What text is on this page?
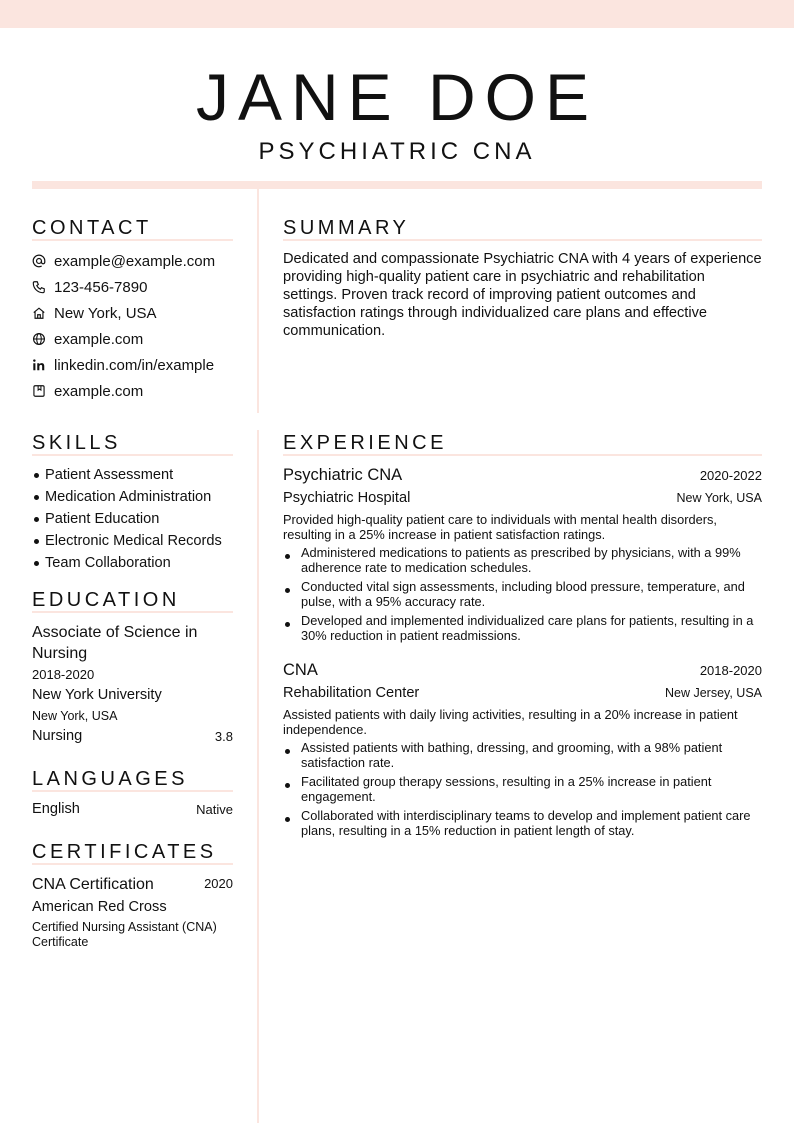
JANE DOE
PSYCHIATRIC CNA
CONTACT
example@example.com
123-456-7890
New York, USA
example.com
linkedin.com/in/example
example.com
SUMMARY

Dedicated and compassionate Psychiatric CNA with 4 years of experience providing high-quality patient care in psychiatric and rehabilitation settings. Proven track record of improving patient outcomes and satisfaction ratings through individualized care plans and effective communication.

SKILLS
Patient Assessment
Medication Administration
Patient Education
Electronic Medical Records
Team Collaboration
EDUCATION
Associate of Science in Nursing
2018-2020
New York University
New York, USA
Nursing	3.8
LANGUAGES
English	Native
CERTIFICATES
CNA Certification	2020
American Red Cross
Certified Nursing Assistant (CNA) Certificate
EXPERIENCE
Psychiatric CNA	2020-2022
Psychiatric Hospital	New York, USA

Provided high-quality patient care to individuals with mental health disorders, resulting in a 25% increase in patient satisfaction ratings.

Administered medications to patients as prescribed by physicians, with a 99% adherence rate to medication schedules.
Conducted vital sign assessments, including blood pressure, temperature, and pulse, with a 95% accuracy rate.
Developed and implemented individualized care plans for patients, resulting in a 30% reduction in patient readmissions.
CNA	2018-2020
Rehabilitation Center	New Jersey, USA

Assisted patients with daily living activities, resulting in a 20% increase in patient independence.

Assisted patients with bathing, dressing, and grooming, with a 98% patient satisfaction rate.
Facilitated group therapy sessions, resulting in a 25% increase in patient engagement.
Collaborated with interdisciplinary teams to develop and implement patient care plans, resulting in a 15% reduction in patient length of stay.
